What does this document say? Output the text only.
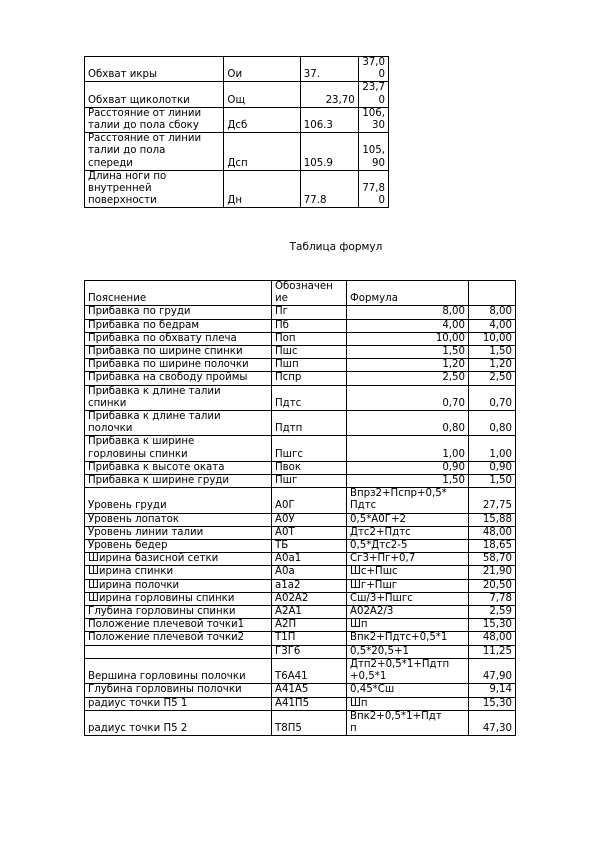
Обхват икры	Ои	37.	37,0
0
Обхват щиколотки	Ощ	23,70	23,7
0
Расстояние от линии
талии до пола сбоку	Дсб	106.3	106,
30
Расстояние от линии
талии до пола
спереди	Дсп	105.9	105,
90
Длина ноги по
внутренней
поверхности	Дн	77.8	77,8
0
Таблица формул
Пояснение	Обозначен
ие	Формула	
Прибавка по груди	Пг	8,00	8,00
Прибавка по бедрам	Пб	4,00	4,00
Прибавка по обхвату плеча	Поп	10,00	10,00
Прибавка по ширине спинки	Пшс	1,50	1,50
Прибавка по ширине полочки	Пшп	1,20	1,20
Прибавка на свободу проймы	Пспр	2,50	2,50
Прибавка к длине талии
спинки	Пдтс	0,70	0,70
Прибавка к длине талии
полочки	Пдтп	0,80	0,80
Прибавка к ширине
горловины спинки	Пшгс	1,00	1,00
Прибавка к высоте оката	Пвок	0,90	0,90
Прибавка к ширине груди	Пшг	1,50	1,50
Уровень груди	А0Г	Впрз2+Пспр+0,5*
Пдтс	27,75
Уровень лопаток	А0У	0,5*А0Г+2	15,88
Уровень линии талии	А0Т	Дтс2+Пдтс	48,00
Уровень бедер	ТБ	0,5*Дтс2-5	18,65
Ширина базисной сетки	А0а1	Сг3+Пг+0,7	58,70
Ширина спинки	А0а	Шс+Пшс	21,90
Ширина полочки	а1а2	Шг+Пшг	20,50
Ширина горловины спинки	А02А2	Сш/3+Пшгс	7,78
Глубина горловины спинки	А2А1	А02А2/3	2,59
Положение плечевой точки1	А2П	Шп	15,30
Положение плечевой точки2	Т1П	Впк2+Пдтс+0,5*1	48,00
	Г3Г6	0,5*20,5+1	11,25
Вершина горловины полочки	Т6А41	Дтп2+0,5*1+Пдтп
+0,5*1	47,90
Глубина горловины полочки	А41А5	0,45*Сш	9,14
радиус точки П5 1	А41П5	Шп	15,30
радиус точки П5 2	Т8П5	Впк2+0,5*1+Пдт
п	47,30
